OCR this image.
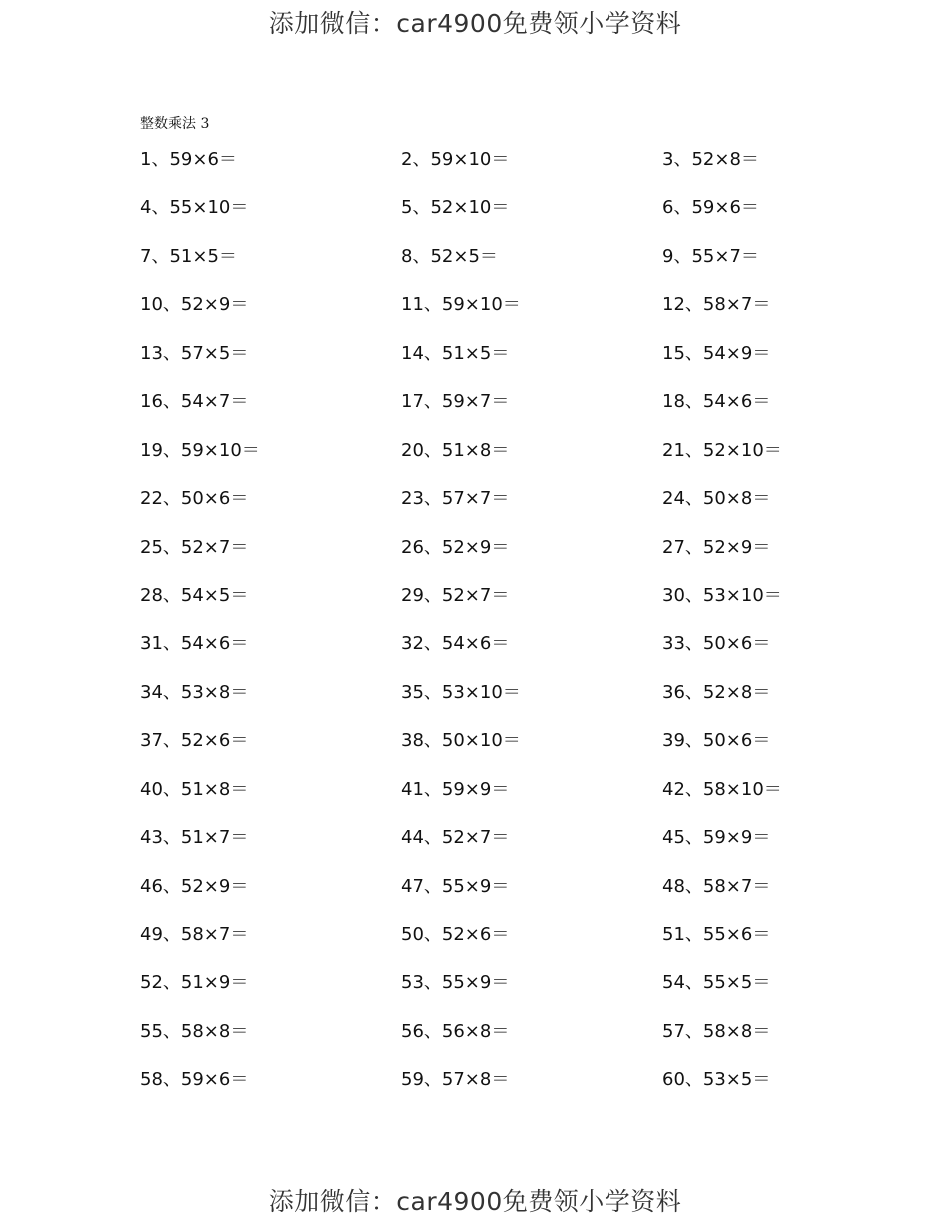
添加微信：car4900免费领小学资料
整数乘法 3
1、59×6＝	2、59×10＝	3、52×8＝
4、55×10＝	5、52×10＝	6、59×6＝
7、51×5＝	8、52×5＝	9、55×7＝
10、52×9＝	11、59×10＝	12、58×7＝
13、57×5＝	14、51×5＝	15、54×9＝
16、54×7＝	17、59×7＝	18、54×6＝
19、59×10＝	20、51×8＝	21、52×10＝
22、50×6＝	23、57×7＝	24、50×8＝
25、52×7＝	26、52×9＝	27、52×9＝
28、54×5＝	29、52×7＝	30、53×10＝
31、54×6＝	32、54×6＝	33、50×6＝
34、53×8＝	35、53×10＝	36、52×8＝
37、52×6＝	38、50×10＝	39、50×6＝
40、51×8＝	41、59×9＝	42、58×10＝
43、51×7＝	44、52×7＝	45、59×9＝
46、52×9＝	47、55×9＝	48、58×7＝
49、58×7＝	50、52×6＝	51、55×6＝
52、51×9＝	53、55×9＝	54、55×5＝
55、58×8＝	56、56×8＝	57、58×8＝
58、59×6＝	59、57×8＝	60、53×5＝
添加微信：car4900免费领小学资料
